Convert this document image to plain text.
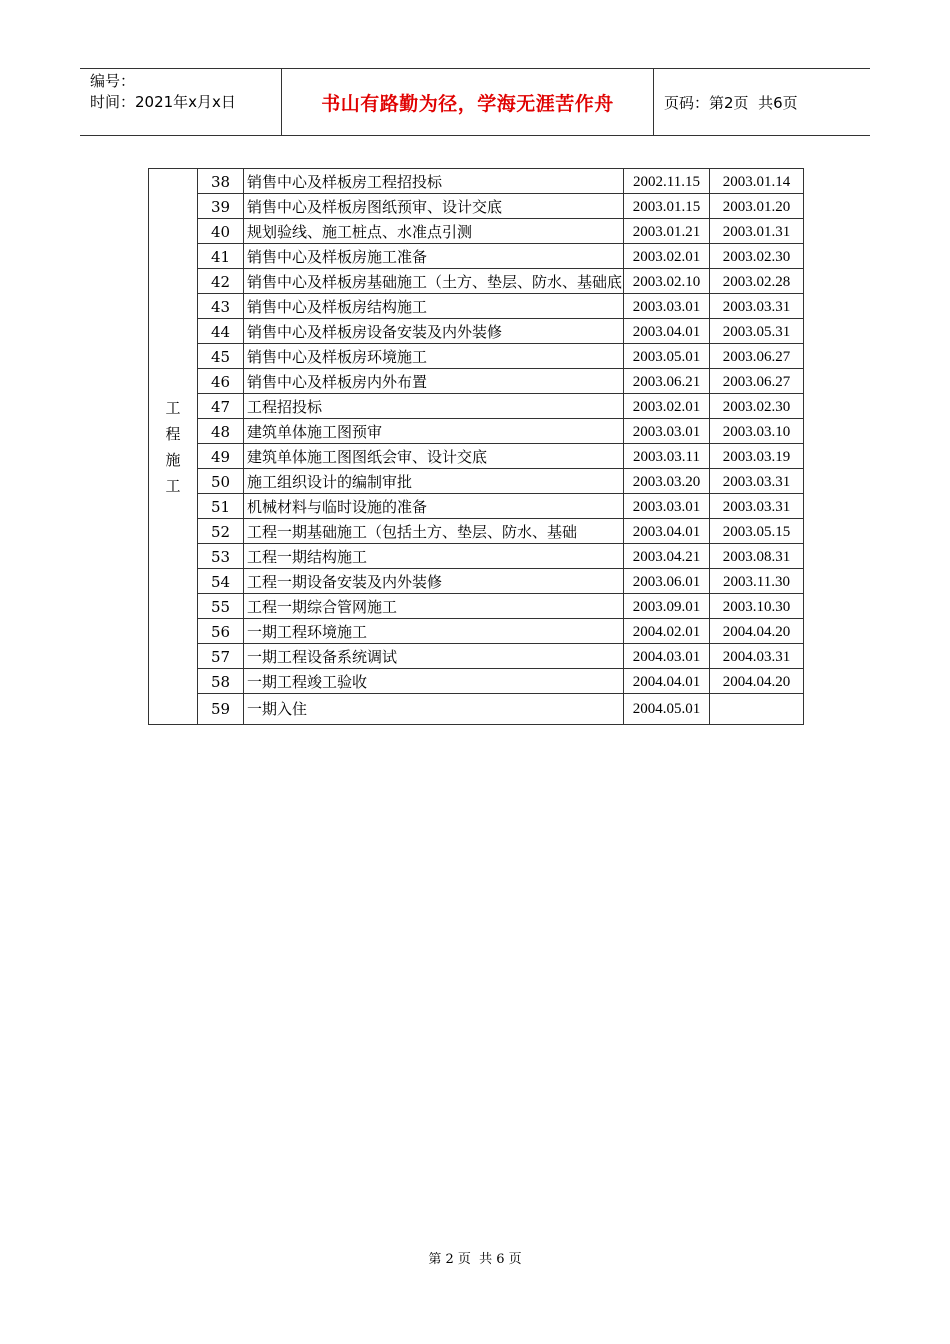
编号：
时间：2021年x月x日	书山有路勤为径，学海无涯苦作舟	页码：第2页  共6页
工程施工	38	销售中心及样板房工程招投标	2002.11.15	2003.01.14
	39	销售中心及样板房图纸预审、设计交底	2003.01.15	2003.01.20
	40	规划验线、施工桩点、水准点引测	2003.01.21	2003.01.31
	41	销售中心及样板房施工准备	2003.02.01	2003.02.30
	42	销售中心及样板房基础施工（土方、垫层、防水、基础底	2003.02.10	2003.02.28
	43	销售中心及样板房结构施工	2003.03.01	2003.03.31
	44	销售中心及样板房设备安装及内外装修	2003.04.01	2003.05.31
	45	销售中心及样板房环境施工	2003.05.01	2003.06.27
	46	销售中心及样板房内外布置	2003.06.21	2003.06.27
	47	工程招投标	2003.02.01	2003.02.30
	48	建筑单体施工图预审	2003.03.01	2003.03.10
	49	建筑单体施工图图纸会审、设计交底	2003.03.11	2003.03.19
	50	施工组织设计的编制审批	2003.03.20	2003.03.31
	51	机械材料与临时设施的准备	2003.03.01	2003.03.31
	52	工程一期基础施工（包括土方、垫层、防水、基础	2003.04.01	2003.05.15
	53	工程一期结构施工	2003.04.21	2003.08.31
	54	工程一期设备安装及内外装修	2003.06.01	2003.11.30
	55	工程一期综合管网施工	2003.09.01	2003.10.30
	56	一期工程环境施工	2004.02.01	2004.04.20
	57	一期工程设备系统调试	2004.03.01	2004.03.31
	58	一期工程竣工验收	2004.04.01	2004.04.20
	59	一期入住	2004.05.01	
第 2 页  共 6 页
